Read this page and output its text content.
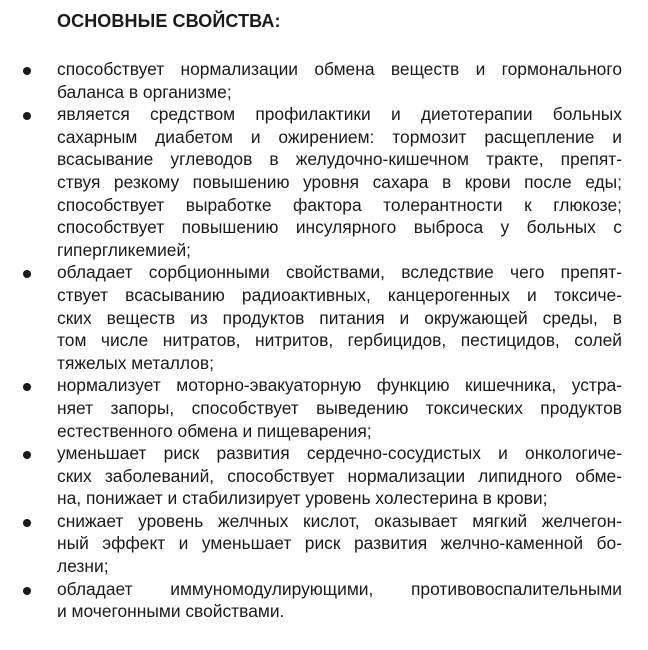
ОСНОВНЫЕ СВОЙСТВА:
способствует нормализации обмена веществ и гормонального
баланса в организме;
является средством профилактики и диетотерапии больных
сахарным диабетом и ожирением: тормозит расщепление и
всасывание углеводов в желудочно-кишечном тракте, препят-
ствуя резкому повышению уровня сахара в крови после еды;
способствует выработке фактора толерантности к глюкозе;
способствует повышению инсулярного выброса у больных с
гипергликемией;
обладает сорбционными свойствами, вследствие чего препят-
ствует всасыванию радиоактивных, канцерогенных и токсиче-
ских веществ из продуктов питания и окружающей среды, в
том числе нитратов, нитритов, гербицидов, пестицидов, солей
тяжелых металлов;
нормализует моторно-эвакуаторную функцию кишечника, устра-
няет запоры, способствует выведению токсических продуктов
естественного обмена и пищеварения;
уменьшает риск развития сердечно-сосудистых и онкологиче-
ских заболеваний, способствует нормализации липидного обме-
на, понижает и стабилизирует уровень холестерина в крови;
снижает уровень желчных кислот, оказывает мягкий желчегон-
ный эффект и уменьшает риск развития желчно-каменной бо-
лезни;
обладает иммуномодулирующими, противовоспалительными
и мочегонными свойствами.
